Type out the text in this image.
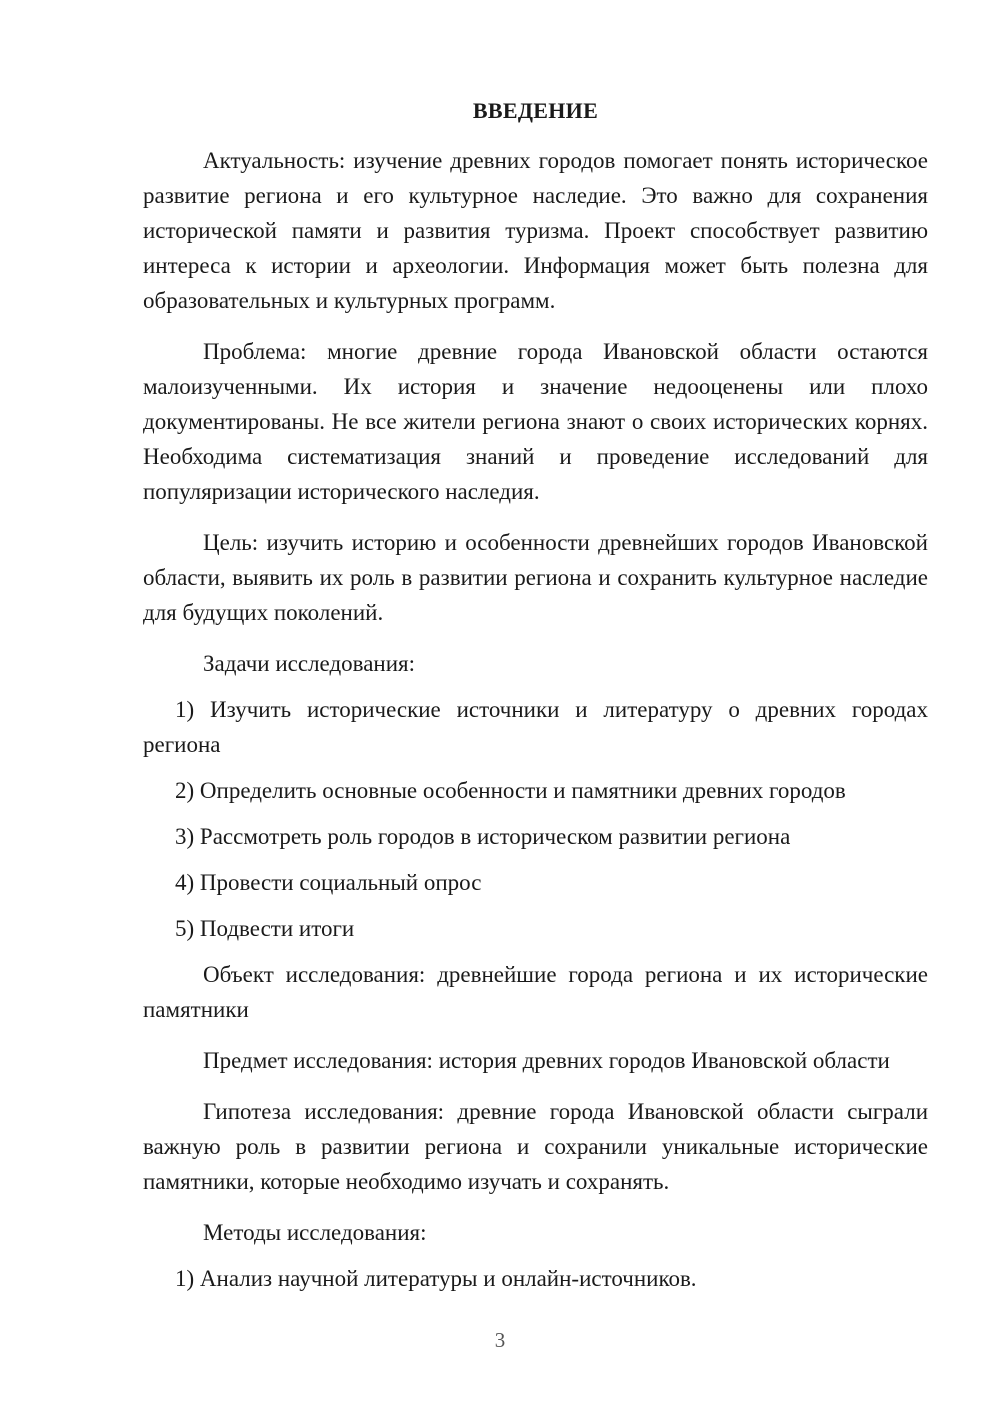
ВВЕДЕНИЕ

Актуальность: изучение древних городов помогает понять историческое развитие региона и его культурное наследие. Это важно для сохранения исторической памяти и развития туризма. Проект способствует развитию интереса к истории и археологии. Информация может быть полезна для образовательных и культурных программ.

Проблема: многие древние города Ивановской области остаются малоизученными. Их история и значение недооценены или плохо документированы. Не все жители региона знают о своих исторических корнях. Необходима систематизация знаний и проведение исследований для популяризации исторического наследия.

Цель: изучить историю и особенности древнейших городов Ивановской области, выявить их роль в развитии региона и сохранить культурное наследие для будущих поколений.

Задачи исследования:

1) Изучить исторические источники и литературу о древних городах региона

2) Определить основные особенности и памятники древних городов

3) Рассмотреть роль городов в историческом развитии региона

4) Провести социальный опрос

5) Подвести итоги

Объект исследования: древнейшие города региона и их исторические памятники

Предмет исследования: история древних городов Ивановской области

Гипотеза исследования: древние города Ивановской области сыграли важную роль в развитии региона и сохранили уникальные исторические памятники, которые необходимо изучать и сохранять.

Методы исследования:

1) Анализ научной литературы и онлайн-источников.

3
